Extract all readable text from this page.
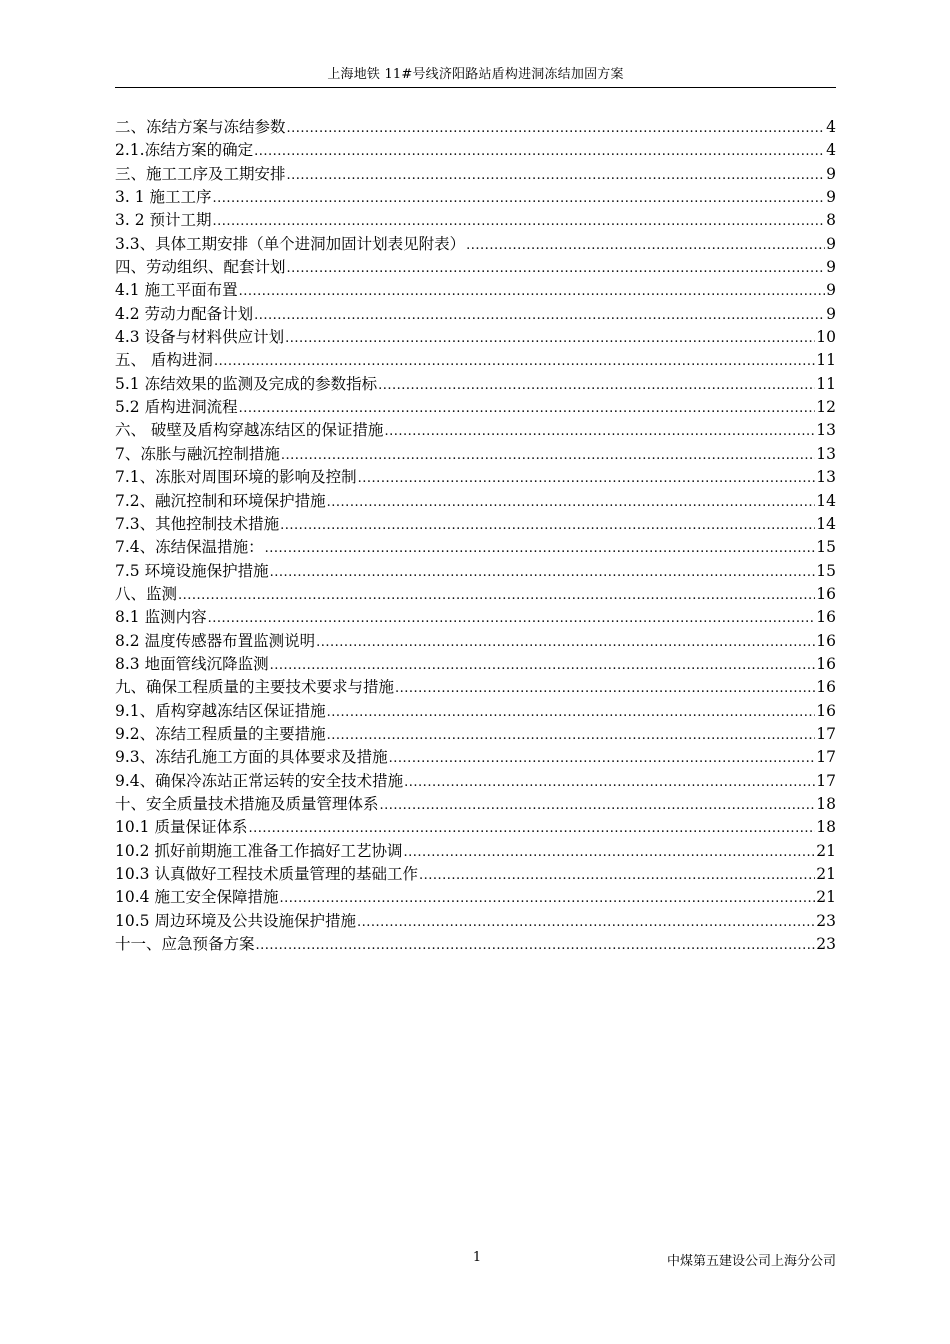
上海地铁 11#号线济阳路站盾构进洞冻结加固方案
二、冻结方案与冻结参数 .....	4
2.1.冻结方案的确定 .....	4
三、施工工序及工期安排 .....	9
3. 1 施工工序 .....	9
3. 2 预计工期 .....	8
3.3、具体工期安排（单个进洞加固计划表见附表） .....	9
四、劳动组织、配套计划 .....	9
4.1 施工平面布置 .....	9
4.2 劳动力配备计划 .....	9
4.3 设备与材料供应计划 .....	10
五、 盾构进洞 .....	11
5.1 冻结效果的监测及完成的参数指标 .....	11
5.2 盾构进洞流程 .....	12
六、 破壁及盾构穿越冻结区的保证措施 .....	13
7、冻胀与融沉控制措施 .....	13
7.1、冻胀对周围环境的影响及控制 .....	13
7.2、融沉控制和环境保护措施 .....	14
7.3、其他控制技术措施 .....	14
7.4、冻结保温措施： .....	15
7.5 环境设施保护措施 .....	15
八、监测 .....	16
8.1 监测内容 .....	16
8.2 温度传感器布置监测说明 .....	16
8.3 地面管线沉降监测 .....	16
九、确保工程质量的主要技术要求与措施 .....	16
9.1、盾构穿越冻结区保证措施 .....	16
9.2、冻结工程质量的主要措施 .....	17
9.3、冻结孔施工方面的具体要求及措施 .....	17
9.4、确保冷冻站正常运转的安全技术措施 .....	17
十、安全质量技术措施及质量管理体系 .....	18
10.1 质量保证体系 .....	18
10.2 抓好前期施工准备工作搞好工艺协调 .....	21
10.3 认真做好工程技术质量管理的基础工作 .....	21
10.4 施工安全保障措施 .....	21
10.5 周边环境及公共设施保护措施 .....	23
十一、应急预备方案 .....	23
1	中煤第五建设公司上海分公司
